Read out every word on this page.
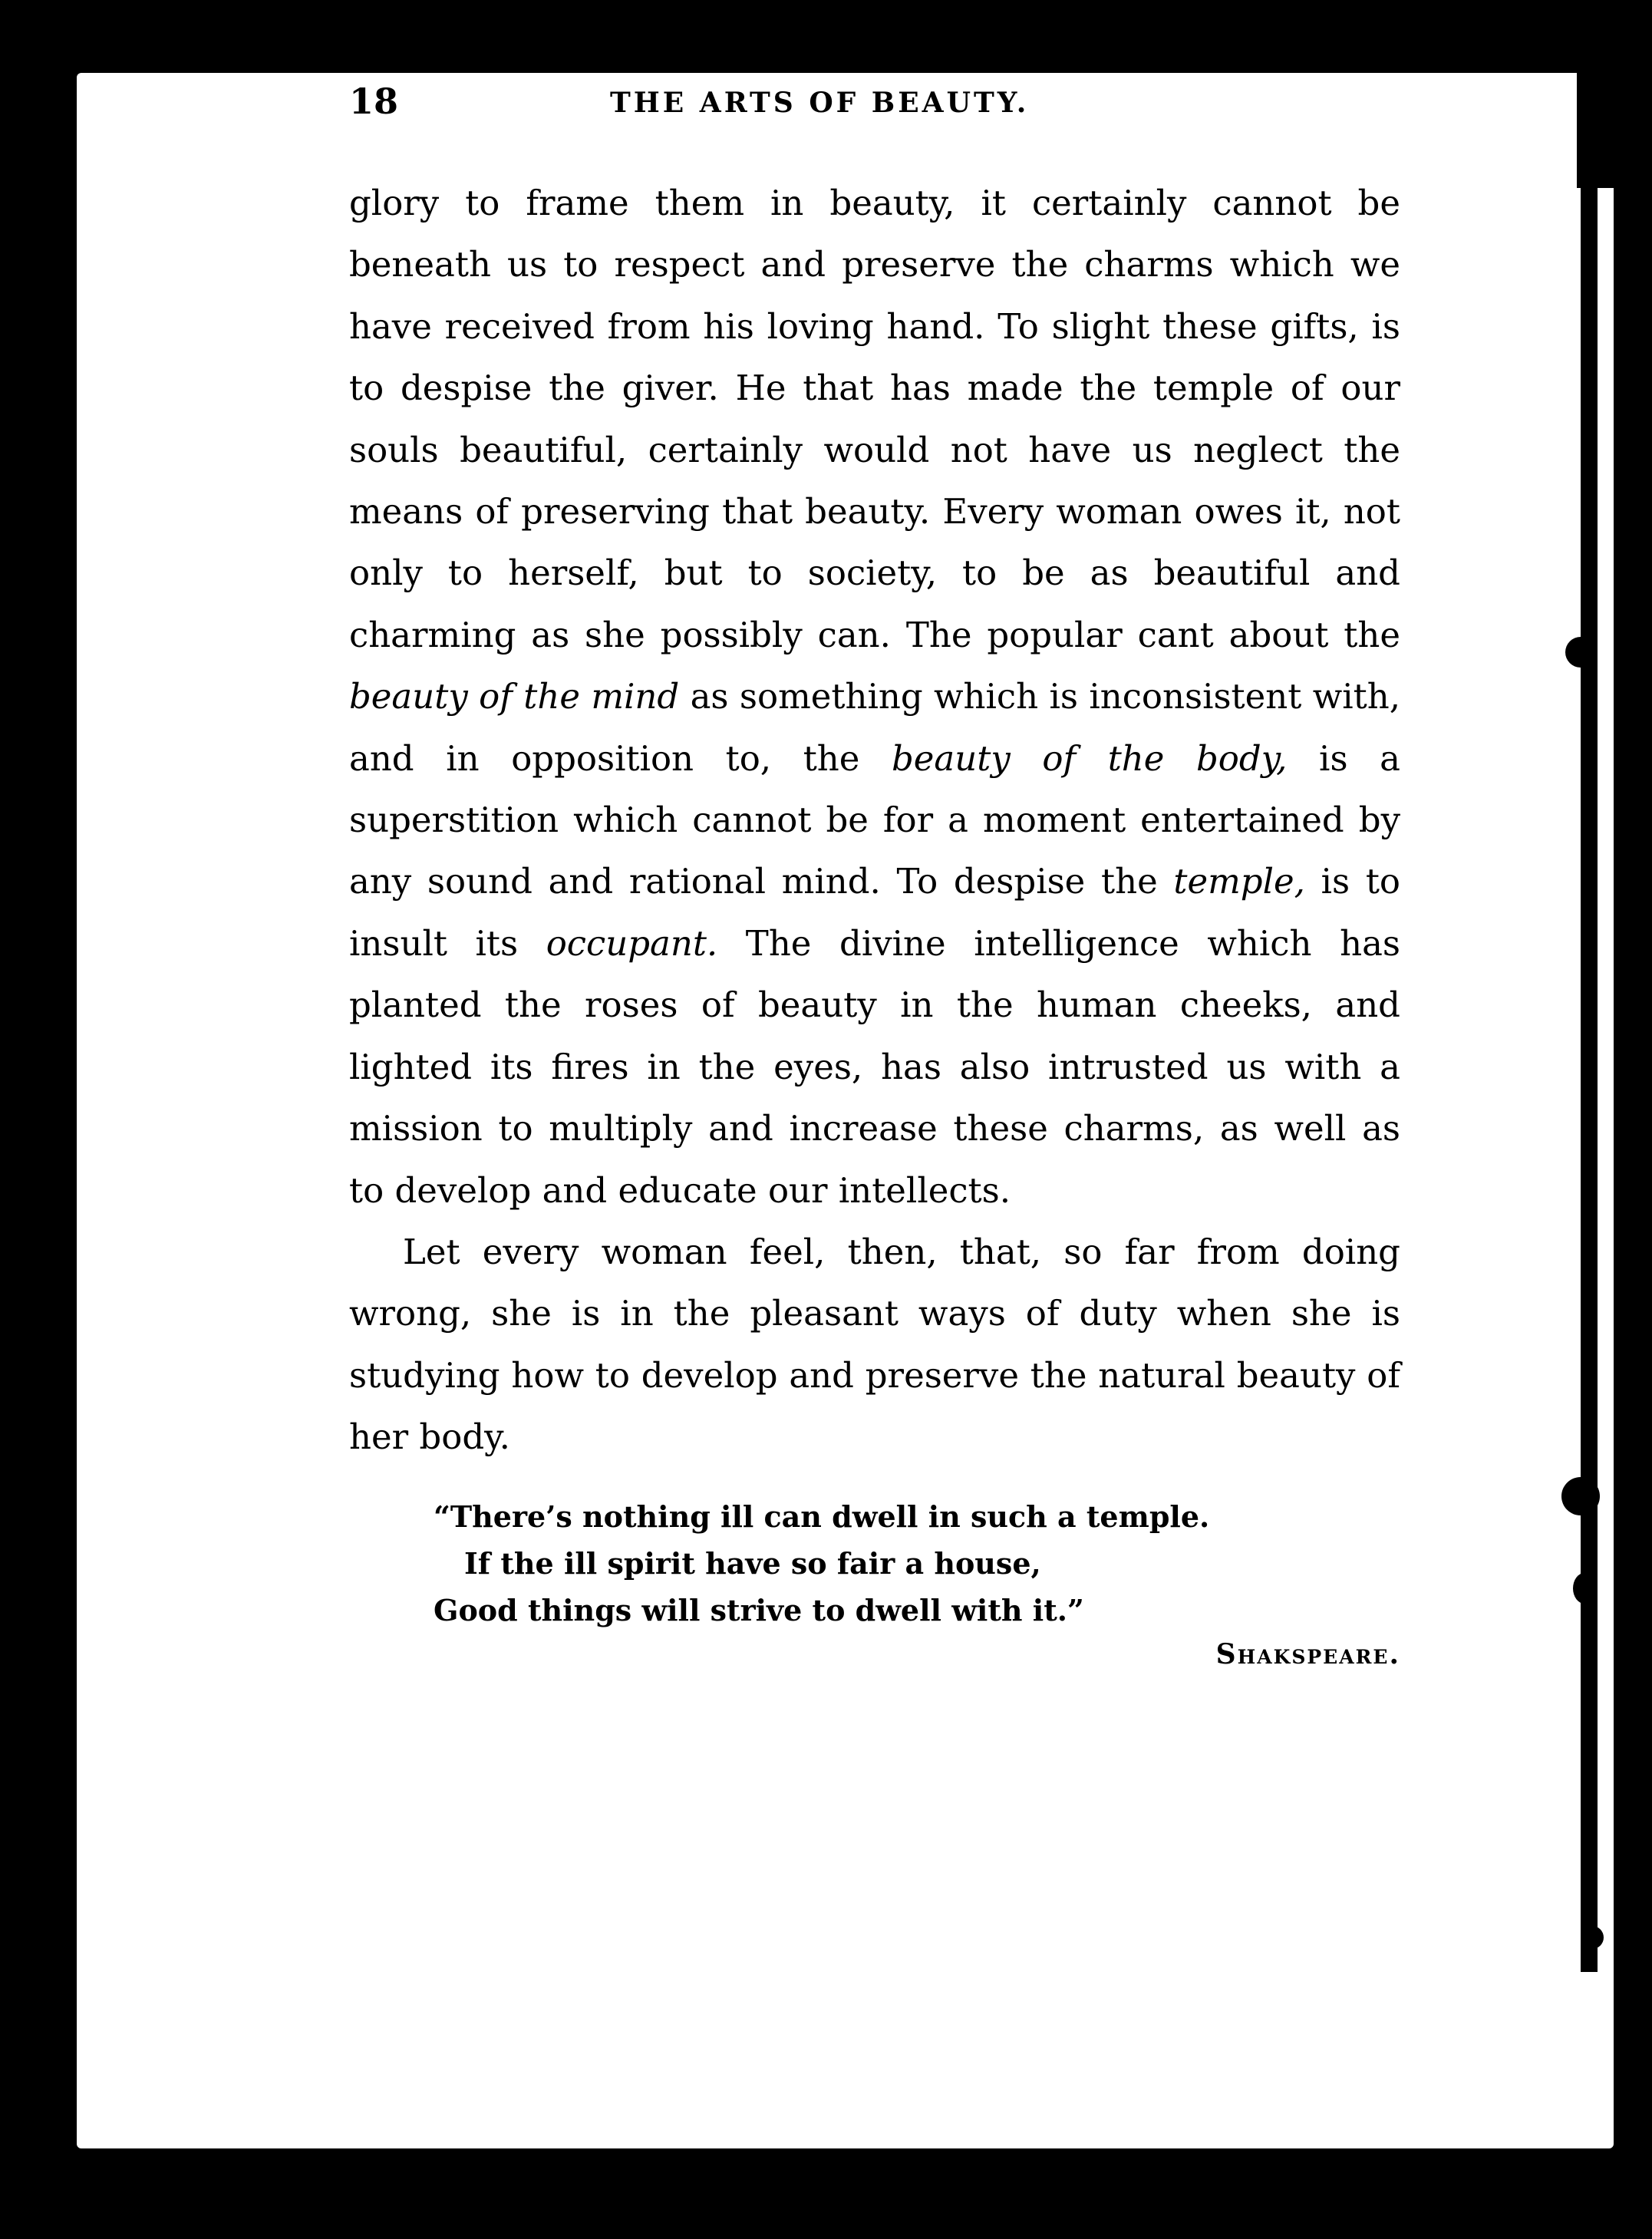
18	THE ARTS OF BEAUTY.

glory to frame them in beauty, it certainly cannot be beneath us to respect and preserve the charms which we have received from his loving hand. To slight these gifts, is to despise the giver. He that has made the temple of our souls beautiful, certainly would not have us neglect the means of preserving that beauty. Every woman owes it, not only to herself, but to society, to be as beautiful and charming as she possibly can. The popular cant about the beauty of the mind as something which is inconsistent with, and in opposition to, the beauty of the body, is a superstition which cannot be for a moment entertained by any sound and rational mind. To despise the temple, is to insult its occupant. The divine intelligence which has planted the roses of beauty in the human cheeks, and lighted its fires in the eyes, has also intrusted us with a mission to multiply and increase these charms, as well as to develop and educate our intellects.

Let every woman feel, then, that, so far from doing wrong, she is in the pleasant ways of duty when she is studying how to develop and preserve the natural beauty of her body.

“There’s nothing ill can dwell in such a temple.
If the ill spirit have so fair a house,
Good things will strive to dwell with it.”
Shakspeare.
